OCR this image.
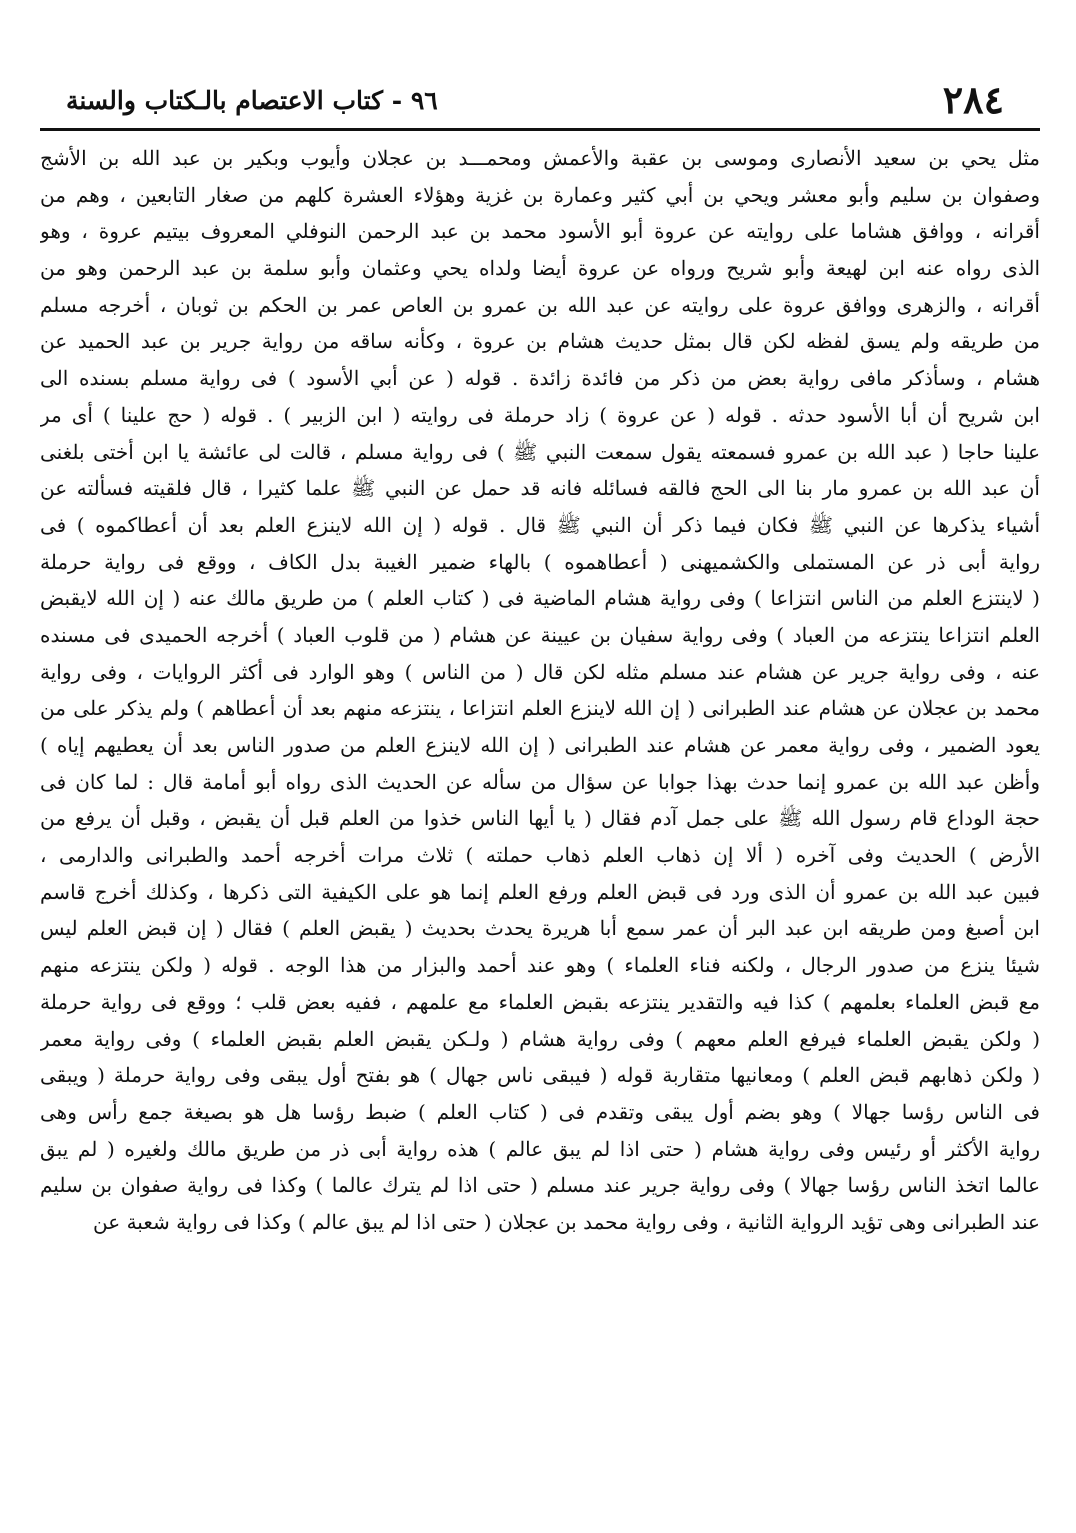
٢٨٤
٩٦ - كتاب الاعتصام بالـكتاب والسنة
مثل يحي بن سعيد الأنصارى وموسى بن عقبة والأعمش ومحمـــد بن عجلان وأيوب وبكير بن عبد الله بن الأشج
وصفوان بن سليم وأبو معشر ويحي بن أبي كثير وعمارة بن غزية وهؤلاء العشرة كلهم من صغار التابعين ، وهم من
أقرانه ، ووافق هشاما على روايته عن عروة أبو الأسود محمد بن عبد الرحمن النوفلي المعروف بيتيم عروة ، وهو
الذى رواه عنه ابن لهيعة وأبو شريح ورواه عن عروة أيضا ولداه يحي وعثمان وأبو سلمة بن عبد الرحمن وهو من
أقرانه ، والزهرى ووافق عروة على روايته عن عبد الله بن عمرو بن العاص عمر بن الحكم بن ثوبان ، أخرجه مسلم
من طريقه ولم يسق لفظه لكن قال بمثل حديث هشام بن عروة ، وكأنه ساقه من رواية جرير بن عبد الحميد عن
هشام ، وسأذكر مافى رواية بعض من ذكر من فائدة زائدة . قوله ( عن أبي الأسود ) فى رواية مسلم بسنده الى
ابن شريح أن أبا الأسود حدثه . قوله ( عن عروة ) زاد حرملة فى روايته ( ابن الزبير ) . قوله ( حج علينا ) أى مر
علينا حاجا ( عبد الله بن عمرو فسمعته يقول سمعت النبي ﷺ ) فى رواية مسلم ، قالت لى عائشة يا ابن أختى بلغنى
أن عبد الله بن عمرو مار بنا الى الحج فالقه فسائله فانه قد حمل عن النبي ﷺ علما كثيرا ، قال فلقيته فسألته عن
أشياء يذكرها عن النبي ﷺ فكان فيما ذكر أن النبي ﷺ قال . قوله ( إن الله لاينزع العلم بعد أن أعطاكموه ) فى
رواية أبى ذر عن المستملى والكشميهنى ( أعطاهموه ) بالهاء ضمير الغيبة بدل الكاف ، ووقع فى رواية حرملة
( لاينتزع العلم من الناس انتزاعا ) وفى رواية هشام الماضية فى ( كتاب العلم ) من طريق مالك عنه ( إن الله لايقبض
العلم انتزاعا ينتزعه من العباد ) وفى رواية سفيان بن عيينة عن هشام ( من قلوب العباد ) أخرجه الحميدى فى مسنده
عنه ، وفى رواية جرير عن هشام عند مسلم مثله لكن قال ( من الناس ) وهو الوارد فى أكثر الروايات ، وفى رواية
محمد بن عجلان عن هشام عند الطبرانى ( إن الله لاينزع العلم انتزاعا ، ينتزعه منهم بعد أن أعطاهم ) ولم يذكر على من
يعود الضمير ، وفى رواية معمر عن هشام عند الطبرانى ( إن الله لاينزع العلم من صدور الناس بعد أن يعطيهم إياه )
وأظن عبد الله بن عمرو إنما حدث بهذا جوابا عن سؤال من سأله عن الحديث الذى رواه أبو أمامة قال : لما كان فى
حجة الوداع قام رسول الله ﷺ على جمل آدم فقال ( يا أيها الناس خذوا من العلم قبل أن يقبض ، وقبل أن يرفع من
الأرض ) الحديث وفى آخره ( ألا إن ذهاب العلم ذهاب حملته ) ثلاث مرات أخرجه أحمد والطبرانى والدارمى ،
فبين عبد الله بن عمرو أن الذى ورد فى قبض العلم ورفع العلم إنما هو على الكيفية التى ذكرها ، وكذلك أخرج قاسم
ابن أصبغ ومن طريقه ابن عبد البر أن عمر سمع أبا هريرة يحدث بحديث ( يقبض العلم ) فقال ( إن قبض العلم ليس
شيئا ينزع من صدور الرجال ، ولكنه فناء العلماء ) وهو عند أحمد والبزار من هذا الوجه . قوله ( ولكن ينتزعه منهم
مع قبض العلماء بعلمهم ) كذا فيه والتقدير ينتزعه بقبض العلماء مع علمهم ، ففيه بعض قلب ؛ ووقع فى رواية حرملة
( ولكن يقبض العلماء فيرفع العلم معهم ) وفى رواية هشام ( ولـكن يقبض العلم بقبض العلماء ) وفى رواية معمر
( ولكن ذهابهم قبض العلم ) ومعانيها متقاربة قوله ( فيبقى ناس جهال ) هو بفتح أول يبقى وفى رواية حرملة ( ويبقى
فى الناس رؤسا جهالا ) وهو بضم أول يبقى وتقدم فى ( كتاب العلم ) ضبط رؤسا هل هو بصيغة جمع رأس وهى
رواية الأكثر أو رئيس وفى رواية هشام ( حتى اذا لم يبق عالم ) هذه رواية أبى ذر من طريق مالك ولغيره ( لم يبق
عالما اتخذ الناس رؤسا جهالا ) وفى رواية جرير عند مسلم ( حتى اذا لم يترك عالما ) وكذا فى رواية صفوان بن سليم
عند الطبرانى وهى تؤيد الرواية الثانية ، وفى رواية محمد بن عجلان ( حتى اذا لم يبق عالم ) وكذا فى رواية شعبة عن
